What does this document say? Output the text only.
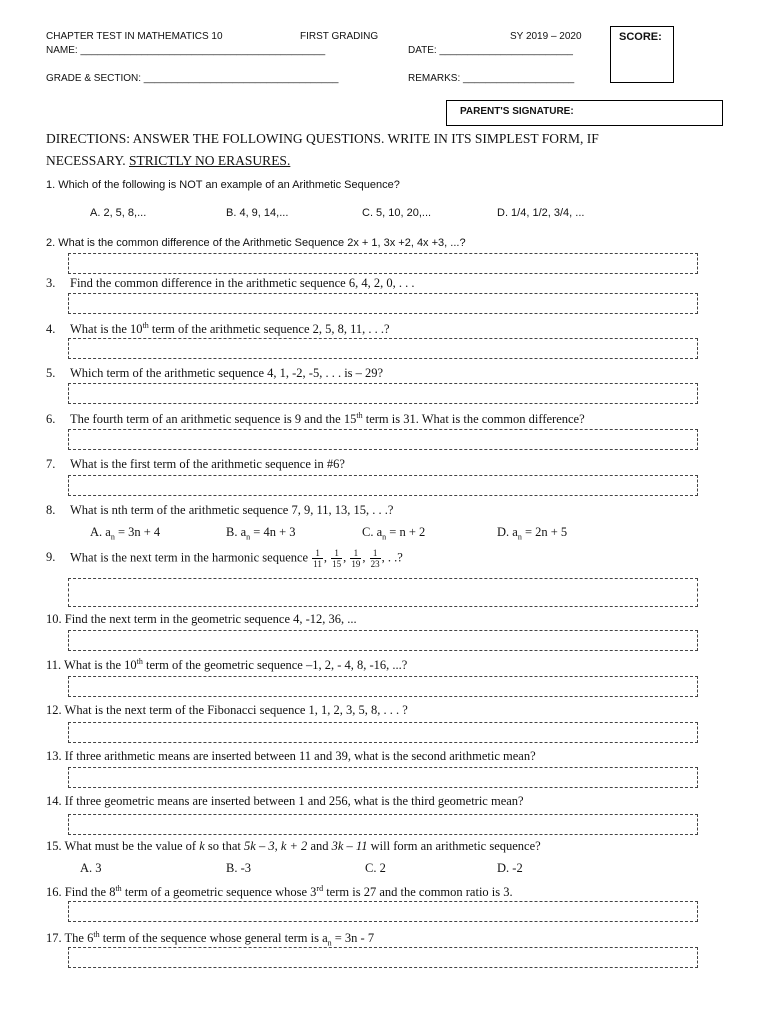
CHAPTER TEST IN MATHEMATICS 10	FIRST GRADING	SY 2019 – 2020	SCORE:
NAME: ____________________________________________	DATE: ________________________
GRADE & SECTION: ___________________________________	REMARKS: ____________________
PARENT'S SIGNATURE:
DIRECTIONS: ANSWER THE FOLLOWING QUESTIONS. WRITE IN ITS SIMPLEST FORM, IF
NECESSARY. STRICTLY NO ERASURES.
1. Which of the following is NOT an example of an Arithmetic Sequence?
A. 2, 5, 8,...	B. 4, 9, 14,...	C. 5, 10, 20,...	D. 1/4, 1/2, 3/4, ...
2. What is the common difference of the Arithmetic Sequence 2x + 1, 3x +2, 4x +3, ...?
3. Find the common difference in the arithmetic sequence 6, 4, 2, 0, . . .
4. What is the 10th term of the arithmetic sequence 2, 5, 8, 11, . . .?
5. Which term of the arithmetic sequence 4, 1, -2, -5, . . . is – 29?
6. The fourth term of an arithmetic sequence is 9 and the 15th term is 31. What is the common difference?
7. What is the first term of the arithmetic sequence in #6?
8. What is nth term of the arithmetic sequence 7, 9, 11, 13, 15, . . .?
A. $a_n = 3n + 4$	B. $a_n = 4n + 3$	C. $a_n = n + 2$	D. $a_n = 2n + 5$
9. What is the next term in the harmonic sequence $\frac{1}{11}$ , $\frac{1}{15}$ , $\frac{1}{19}$ , $\frac{1}{23}$ , . .?
10. Find the next term in the geometric sequence 4, -12, 36, ...
11. What is the 10th term of the geometric sequence –1, 2, - 4, 8, -16, ...?
12. What is the next term of the Fibonacci sequence 1, 1, 2, 3, 5, 8, . . . ?
13. If three arithmetic means are inserted between 11 and 39, what is the second arithmetic mean?
14. If three geometric means are inserted between 1 and 256, what is the third geometric mean?
15. What must be the value of k so that 5k – 3, k + 2 and 3k – 11 will form an arithmetic sequence?
A. 3	B. -3	C. 2	D. -2
16. Find the 8th term of a geometric sequence whose 3rd term is 27 and the common ratio is 3.
17. The 6th term of the sequence whose general term is $a_n = 3n - 7$
